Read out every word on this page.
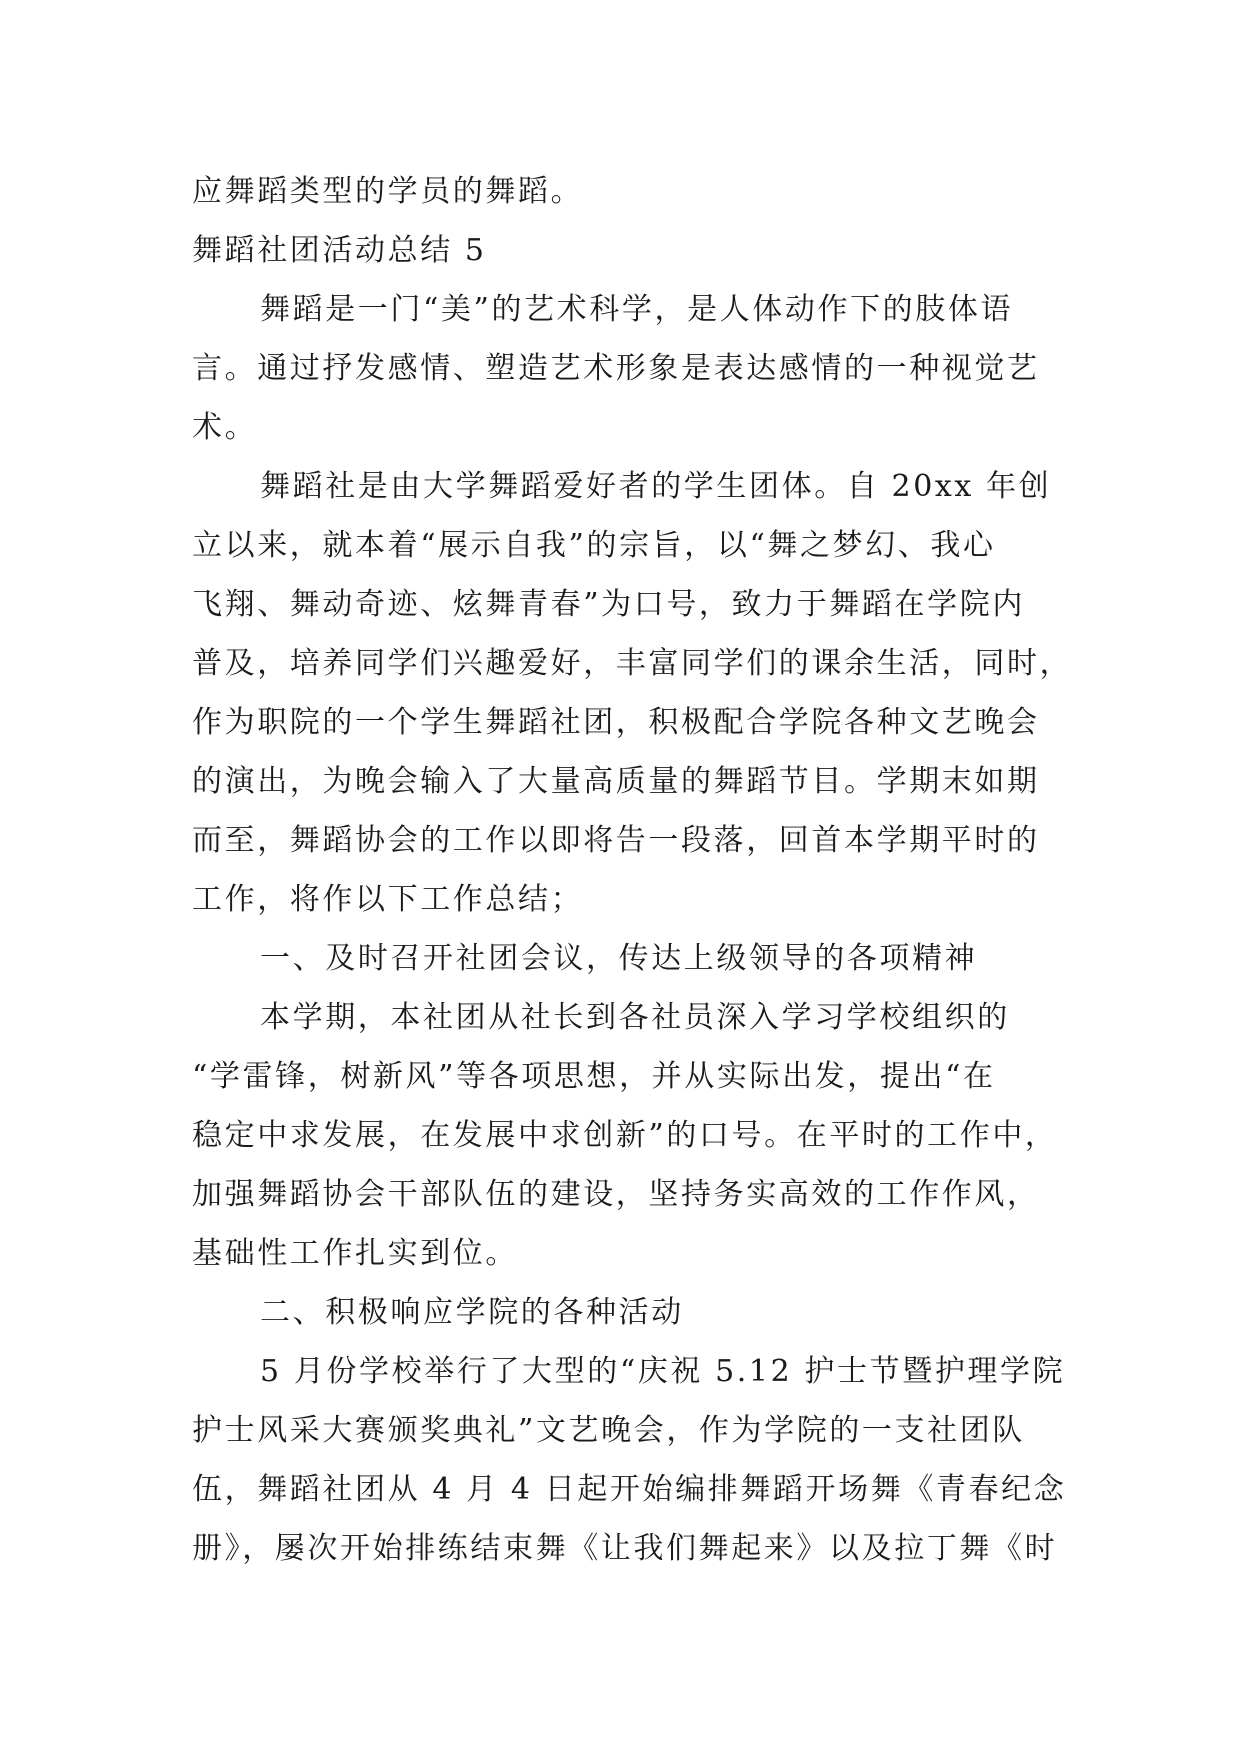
应舞蹈类型的学员的舞蹈。
舞蹈社团活动总结 5
舞蹈是一门“美”的艺术科学，是人体动作下的肢体语
言。通过抒发感情、塑造艺术形象是表达感情的一种视觉艺
术。
舞蹈社是由大学舞蹈爱好者的学生团体。自 20xx 年创
立以来，就本着“展示自我”的宗旨，以“舞之梦幻、我心
飞翔、舞动奇迹、炫舞青春”为口号，致力于舞蹈在学院内
普及，培养同学们兴趣爱好，丰富同学们的课余生活，同时，
作为职院的一个学生舞蹈社团，积极配合学院各种文艺晚会
的演出，为晚会输入了大量高质量的舞蹈节目。学期末如期
而至，舞蹈协会的工作以即将告一段落，回首本学期平时的
工作，将作以下工作总结；
一、及时召开社团会议，传达上级领导的各项精神
本学期，本社团从社长到各社员深入学习学校组织的
“学雷锋，树新风”等各项思想，并从实际出发，提出“在
稳定中求发展，在发展中求创新”的口号。在平时的工作中，
加强舞蹈协会干部队伍的建设，坚持务实高效的工作作风，
基础性工作扎实到位。
二、积极响应学院的各种活动
5 月份学校举行了大型的“庆祝 5.12 护士节暨护理学院
护士风采大赛颁奖典礼”文艺晚会，作为学院的一支社团队
伍，舞蹈社团从 4 月 4 日起开始编排舞蹈开场舞《青春纪念
册》，屡次开始排练结束舞《让我们舞起来》以及拉丁舞《时
